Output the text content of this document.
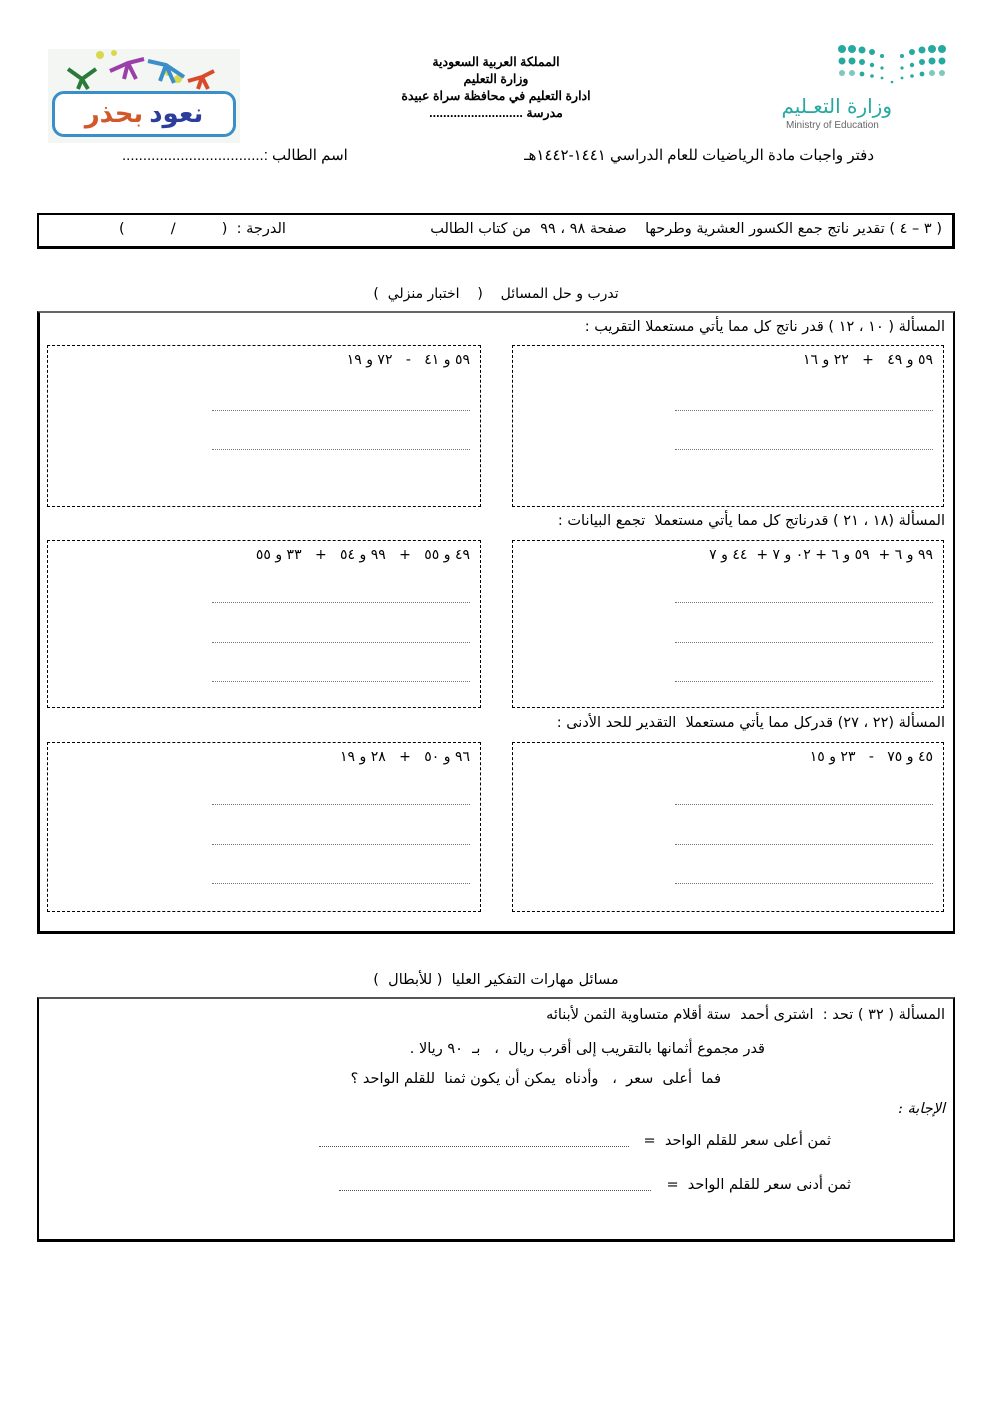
نعود
بحذر
المملكة العربية السعودية
وزارة التعليم
ادارة التعليم في محافظة سراة عبيدة
مدرسة ...........................	وزارة التعـليم
Ministry of Education
دفتر واجبات مادة الرياضيات للعام الدراسي ١٤٤١-١٤٤٢هـ
اسم الطالب :..................................
( ٣ – ٤ ) تقدير ناتج جمع الكسور العشرية وطرحها    صفحة ٩٨ ، ٩٩  من كتاب الطالب
الدرجة :  (          /          )
تدرب و حل المسائل    (    اختبار منزلي  )
المسألة ( ١٠ ، ١٢ ) قدر ناتج كل مما يأتي مستعملا التقريب :
٥٩ و ٤٩   +   ٢٢ و ١٦
٥٩ و ٤١   -   ٧٢ و ١٩
المسألة (١٨ ، ٢١ ) قدرناتج كل مما يأتي مستعملا  تجمع البيانات :
٩٩ و ٦ +  ٥٩ و ٦ + ٠٢ و ٧ +  ٤٤ و ٧
٤٩ و ٥٥   +   ٩٩ و ٥٤   +   ٣٣ و ٥٥
المسألة (٢٢ ، ٢٧) قدركل مما يأتي مستعملا  التقدير للحد الأدنى :
٤٥ و ٧٥   -   ٢٣ و ١٥
٩٦ و ٥٠   +   ٢٨ و ١٩
مسائل مهارات التفكير العليا  ( للأبطال  )
المسألة ( ٣٢ ) تحد :  اشترى أحمد  ستة أقلام متساوية الثمن لأبنائه
قدر مجموع أثمانها بالتقريب إلى أقرب ريال  ،   بـ  ٩٠ ريالا .
فما  أعلى  سعر  ،   وأدناه  يمكن أن يكون ثمنا  للقلم الواحد ؟
الإجابة :
ثمن أعلى سعر للقلم الواحد  =
ثمن أدنى سعر للقلم الواحد  =
